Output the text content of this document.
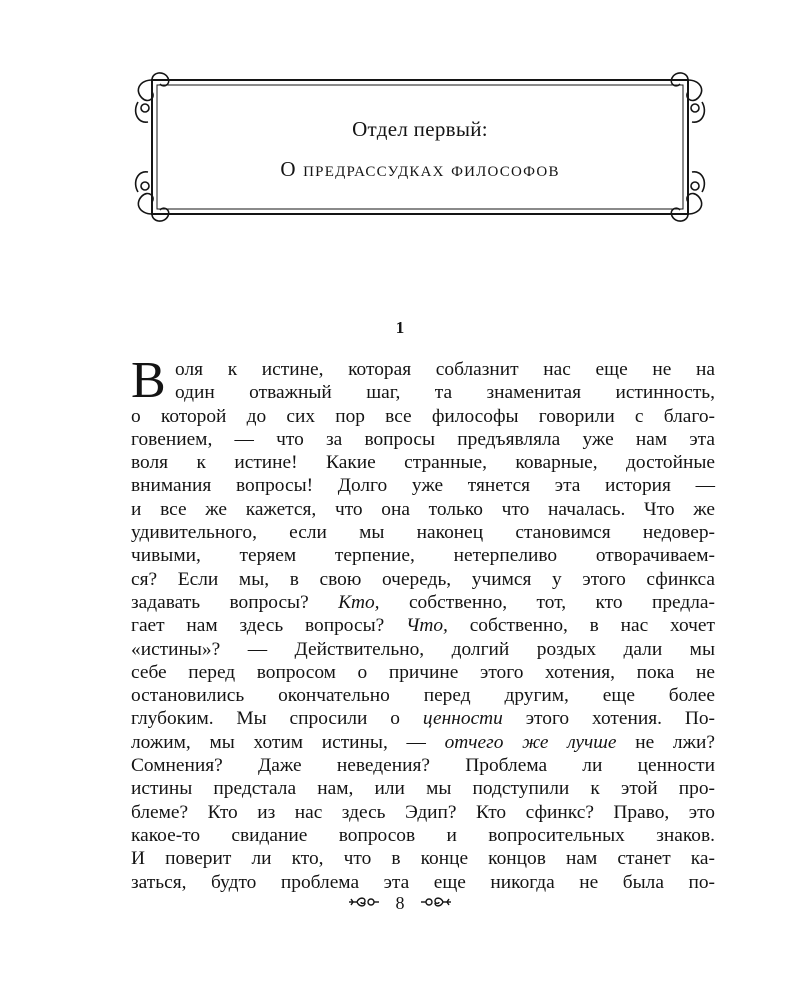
Отдел первый:
О предрассудках философов
1
В оля к истине, которая соблазнит нас еще не на
один отважный шаг, та знаменитая истинность,
о которой до сих пор все философы говорили с благо-
говением, — что за вопросы предъявляла уже нам эта
воля к истине! Какие странные, коварные, достойные
внимания вопросы! Долго уже тянется эта история —
и все же кажется, что она только что началась. Что же
удивительного, если мы наконец становимся недовер-
чивыми, теряем терпение, нетерпеливо отворачиваем-
ся? Если мы, в свою очередь, учимся у этого сфинкса
задавать вопросы? Кто, собственно, тот, кто предла-
гает нам здесь вопросы? Что, собственно, в нас хочет
«истины»? — Действительно, долгий роздых дали мы
себе перед вопросом о причине этого хотения, пока не
остановились окончательно перед другим, еще более
глубоким. Мы спросили о ценности этого хотения. По-
ложим, мы хотим истины, — отчего же лучше не лжи?
Сомнения? Даже неведения? Проблема ли ценности
истины предстала нам, или мы подступили к этой про-
блеме? Кто из нас здесь Эдип? Кто сфинкс? Право, это
какое-то свидание вопросов и вопросительных знаков.
И поверит ли кто, что в конце концов нам станет ка-
заться, будто проблема эта еще никогда не была по-
8
